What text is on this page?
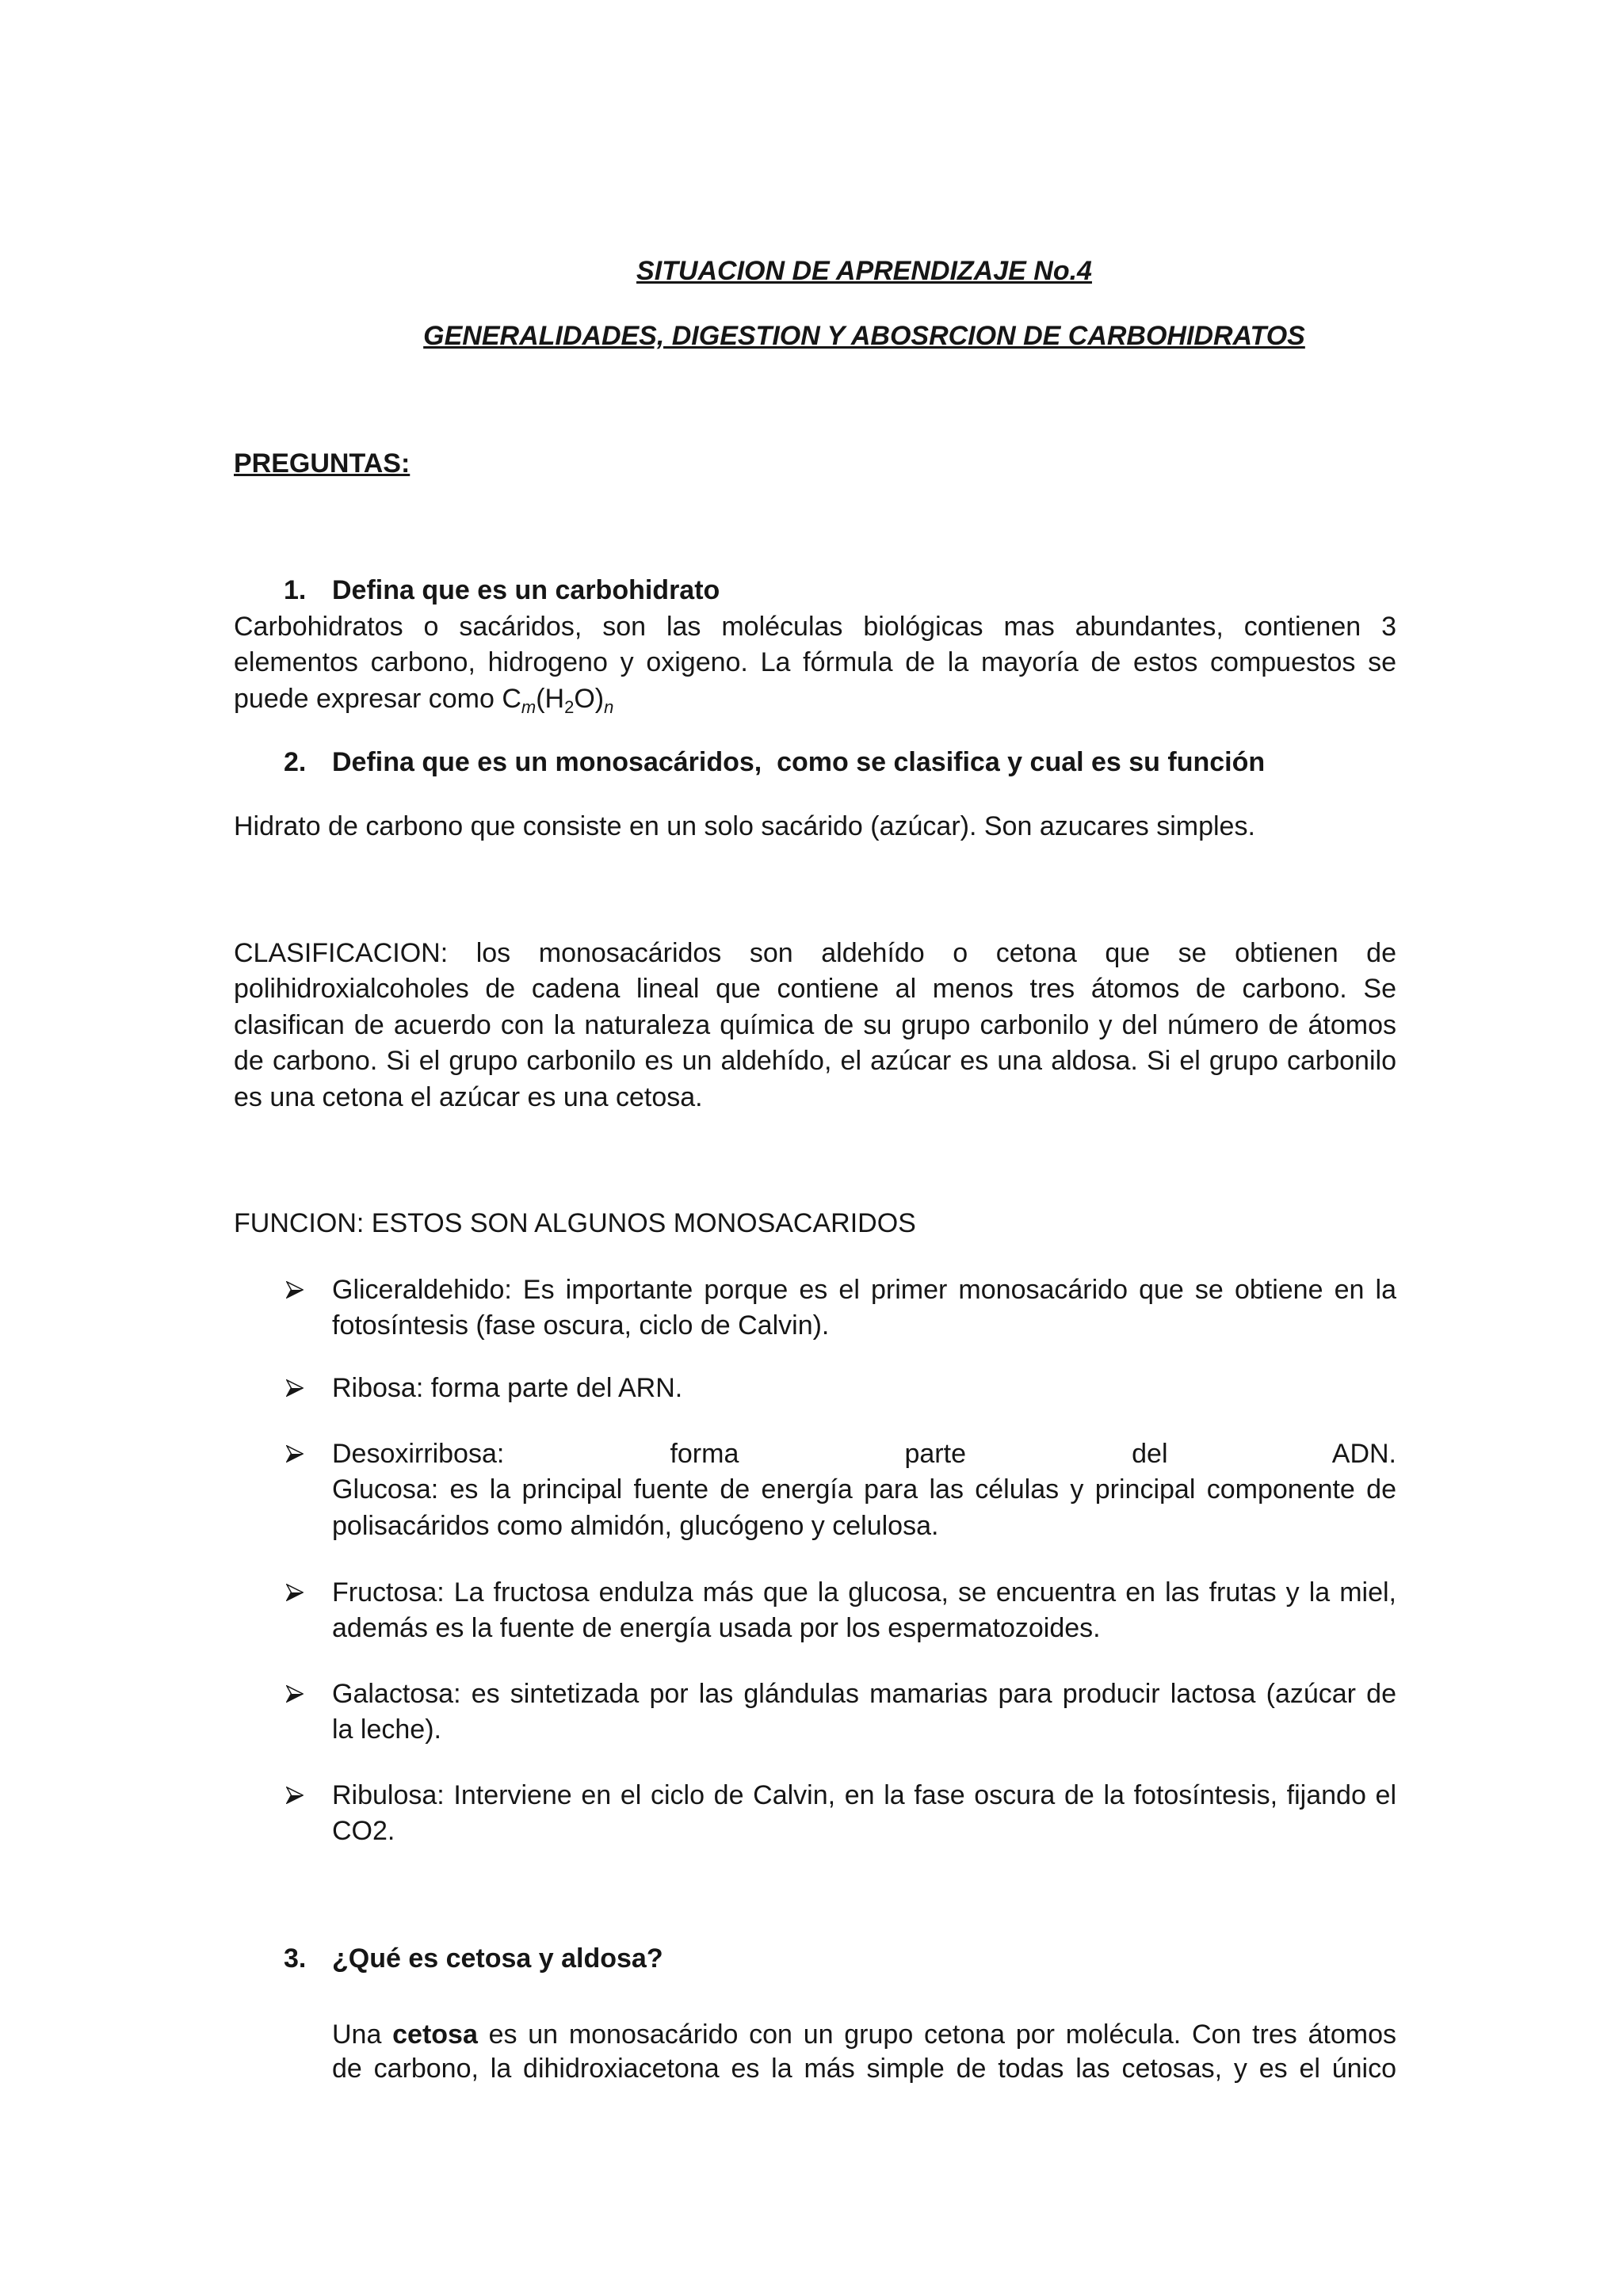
SITUACION DE APRENDIZAJE No.4
GENERALIDADES, DIGESTION Y ABOSRCION DE CARBOHIDRATOS
PREGUNTAS:
1. Defina que es un carbohidrato
Carbohidratos o sacáridos, son las moléculas biológicas mas abundantes, contienen 3
elementos carbono, hidrogeno y oxigeno. La fórmula de la mayoría de estos compuestos se
puede expresar como $C_m(H_2O)_n$
2. Defina que es un monosacáridos,  como se clasifica y cual es su función
Hidrato de carbono que consiste en un solo sacárido (azúcar). Son azucares simples.
CLASIFICACION: los monosacáridos son aldehído o cetona que se obtienen de
polihidroxialcoholes de cadena lineal que contiene al menos tres átomos de carbono. Se
clasifican de acuerdo con la naturaleza química de su grupo carbonilo y del número de átomos
de carbono. Si el grupo carbonilo es un aldehído, el azúcar es una aldosa. Si el grupo carbonilo
es una cetona el azúcar es una cetosa.
FUNCION: ESTOS SON ALGUNOS MONOSACARIDOS
Gliceraldehido: Es importante porque es el primer monosacárido que se obtiene en la
fotosíntesis (fase oscura, ciclo de Calvin).
Ribosa: forma parte del ARN.
Desoxirribosa: forma parte del ADN.
Glucosa: es la principal fuente de energía para las células y principal componente de
polisacáridos como almidón, glucógeno y celulosa.
Fructosa: La fructosa endulza más que la glucosa, se encuentra en las frutas y la miel,
además es la fuente de energía usada por los espermatozoides.
Galactosa: es sintetizada por las glándulas mamarias para producir lactosa (azúcar de
la leche).
Ribulosa: Interviene en el ciclo de Calvin, en la fase oscura de la fotosíntesis, fijando el
CO2.
3. ¿Qué es cetosa y aldosa?
Una cetosa es un monosacárido con un grupo cetona por molécula. Con tres átomos
de carbono, la dihidroxiacetona es la más simple de todas las cetosas, y es el único
